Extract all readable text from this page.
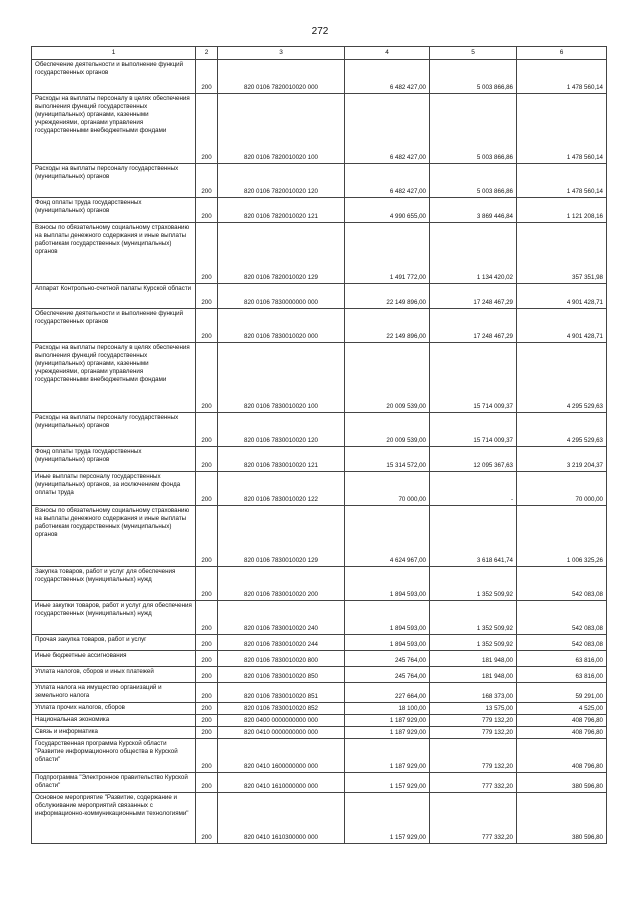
272
1	2	3	4	5	6
Обеспечение деятельности и выполнение функций государственных органов	200	820 0106 7820010020 000	6 482 427,00	5 003 866,86	1 478 560,14
Расходы на выплаты персоналу в целях обеспечения выполнения функций государственных (муниципальных) органами, казенными учреждениями, органами управления государственными внебюджетными фондами	200	820 0106 7820010020 100	6 482 427,00	5 003 866,86	1 478 560,14
Расходы на выплаты персоналу государственных (муниципальных) органов	200	820 0106 7820010020 120	6 482 427,00	5 003 866,86	1 478 560,14
Фонд оплаты труда государственных (муниципальных) органов	200	820 0106 7820010020 121	4 990 655,00	3 869 446,84	1 121 208,16
Взносы по обязательному социальному страхованию на выплаты денежного содержания и иные выплаты работникам государственных (муниципальных) органов	200	820 0106 7820010020 129	1 491 772,00	1 134 420,02	357 351,98
Аппарат Контрольно-счетной палаты Курской области	200	820 0106 7830000000 000	22 149 896,00	17 248 467,29	4 901 428,71
Обеспечение деятельности и выполнение функций государственных органов	200	820 0106 7830010020 000	22 149 896,00	17 248 467,29	4 901 428,71
Расходы на выплаты персоналу в целях обеспечения выполнения функций государственных (муниципальных) органами, казенными учреждениями, органами управления государственными внебюджетными фондами	200	820 0106 7830010020 100	20 009 539,00	15 714 009,37	4 295 529,63
Расходы на выплаты персоналу государственных (муниципальных) органов	200	820 0106 7830010020 120	20 009 539,00	15 714 009,37	4 295 529,63
Фонд оплаты труда государственных (муниципальных) органов	200	820 0106 7830010020 121	15 314 572,00	12 095 367,63	3 219 204,37
Иные выплаты персоналу государственных (муниципальных) органов, за исключением фонда оплаты труда	200	820 0106 7830010020 122	70 000,00	-	70 000,00
Взносы по обязательному социальному страхованию на выплаты денежного содержания и иные выплаты работникам государственных (муниципальных) органов	200	820 0106 7830010020 129	4 624 967,00	3 618 641,74	1 006 325,26
Закупка товаров, работ и услуг для обеспечения государственных (муниципальных) нужд	200	820 0106 7830010020 200	1 894 593,00	1 352 509,92	542 083,08
Иные закупки товаров, работ и услуг для обеспечения государственных (муниципальных) нужд	200	820 0106 7830010020 240	1 894 593,00	1 352 509,92	542 083,08
Прочая закупка товаров, работ и услуг	200	820 0106 7830010020 244	1 894 593,00	1 352 509,92	542 083,08
Иные бюджетные ассигнования	200	820 0106 7830010020 800	245 764,00	181 948,00	63 816,00
Уплата налогов, сборов и иных платежей	200	820 0106 7830010020 850	245 764,00	181 948,00	63 816,00
Уплата налога на имущество организаций и земельного налога	200	820 0106 7830010020 851	227 664,00	168 373,00	59 291,00
Уплата прочих налогов, сборов	200	820 0106 7830010020 852	18 100,00	13 575,00	4 525,00
Национальная экономика	200	820 0400 0000000000 000	1 187 929,00	779 132,20	408 796,80
Связь и информатика	200	820 0410 0000000000 000	1 187 929,00	779 132,20	408 796,80
Государственная программа Курской области "Развитие информационного общества в Курской области"	200	820 0410 1600000000 000	1 187 929,00	779 132,20	408 796,80
Подпрограмма "Электронное правительство Курской области"	200	820 0410 1610000000 000	1 157 929,00	777 332,20	380 596,80
Основное мероприятие "Развитие, содержание и обслуживание мероприятий связанных с информационно-коммуникационными технологиями"	200	820 0410 1610300000 000	1 157 929,00	777 332,20	380 596,80
